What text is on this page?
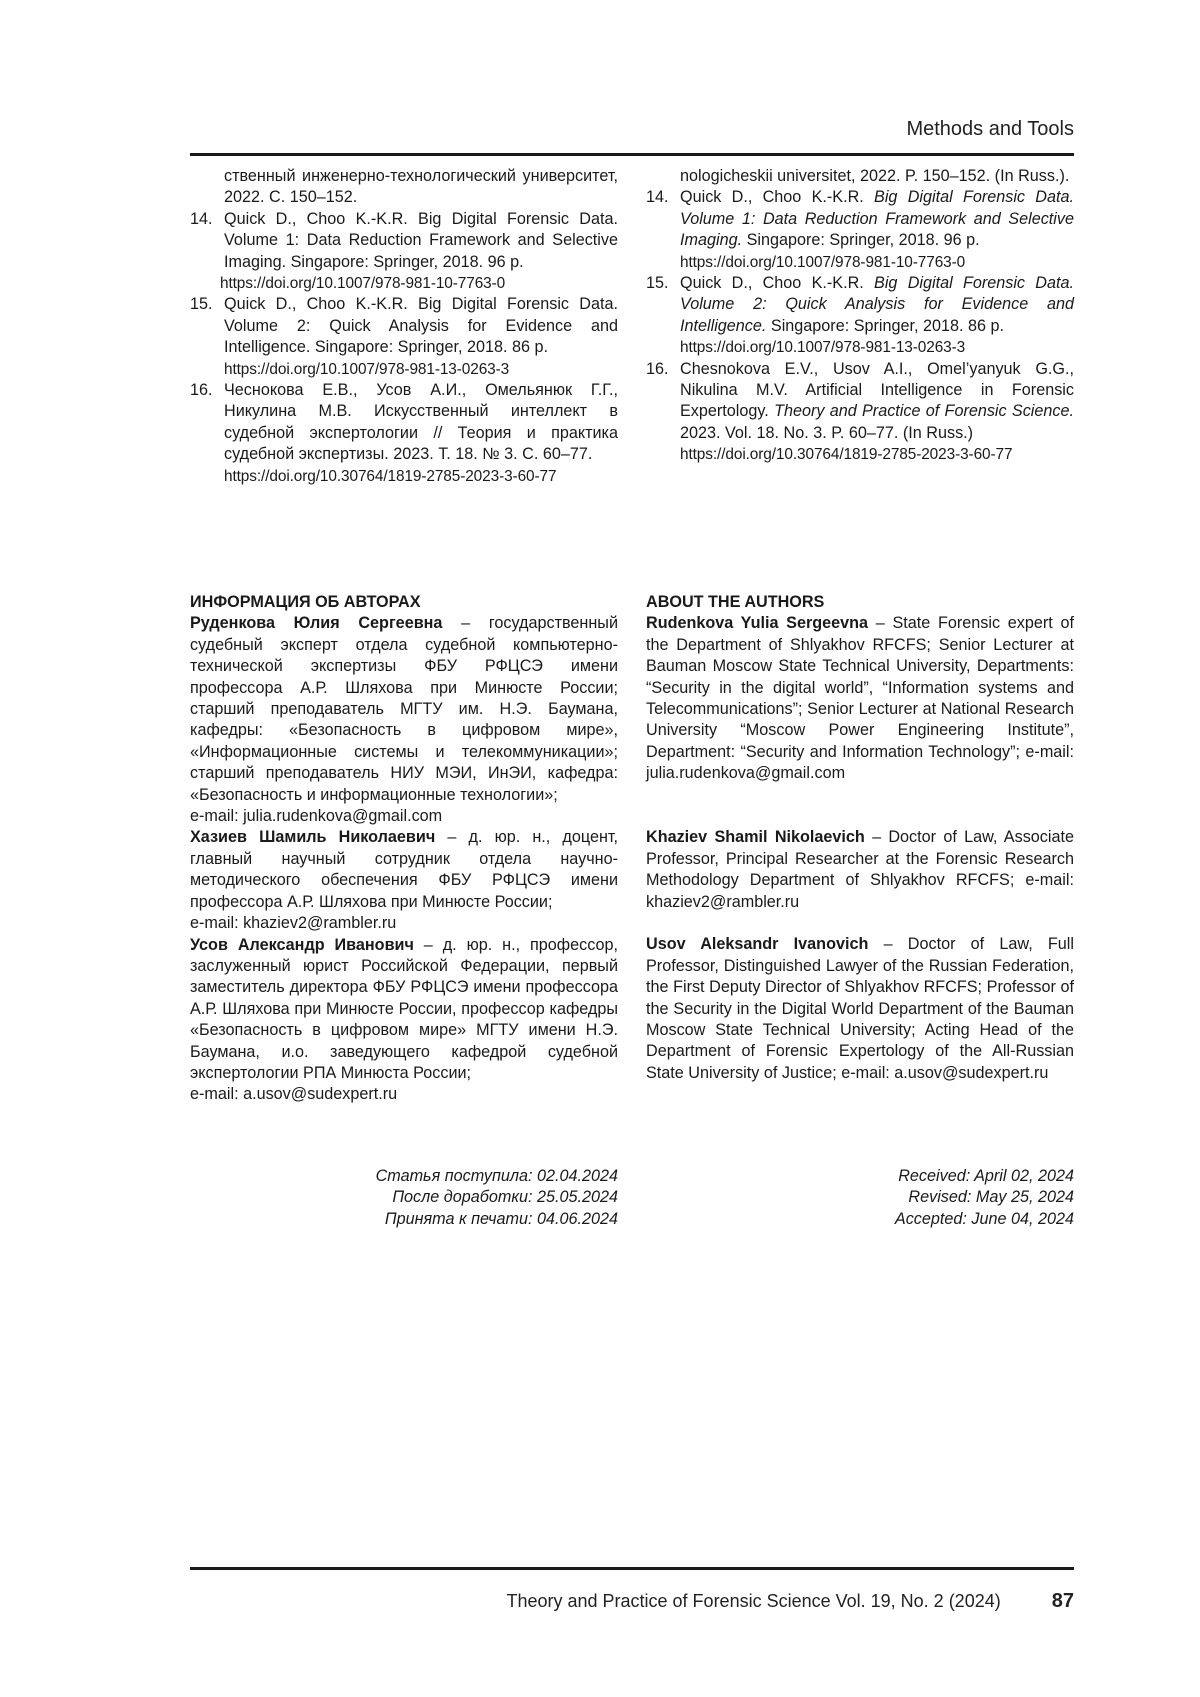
Methods and Tools
ственный инженерно-технологический университет, 2022. С. 150–152.
14. Quick D., Choo K.-K.R. Big Digital Forensic Data. Volume 1: Data Reduction Framework and Selective Imaging. Singapore: Springer, 2018. 96 p.
https://doi.org/10.1007/978-981-10-7763-0
15. Quick D., Choo K.-K.R. Big Digital Forensic Data. Volume 2: Quick Analysis for Evidence and Intelligence. Singapore: Springer, 2018. 86 p.
https://doi.org/10.1007/978-981-13-0263-3
16. Чеснокова Е.В., Усов А.И., Омельянюк Г.Г., Никулина М.В. Искусственный интеллект в судебной экспертологии // Теория и практика судебной экспертизы. 2023. Т. 18. № 3. С. 60–77.
https://doi.org/10.30764/1819-2785-2023-3-60-77
nologicheskii universitet, 2022. P. 150–152. (In Russ.).
14. Quick D., Choo K.-K.R. Big Digital Forensic Data. Volume 1: Data Reduction Framework and Selective Imaging. Singapore: Springer, 2018. 96 p.
https://doi.org/10.1007/978-981-10-7763-0
15. Quick D., Choo K.-K.R. Big Digital Forensic Data. Volume 2: Quick Analysis for Evidence and Intelligence. Singapore: Springer, 2018. 86 p.
https://doi.org/10.1007/978-981-13-0263-3
16. Chesnokova E.V., Usov A.I., Omel’yanyuk G.G., Nikulina M.V. Artificial Intelligence in Forensic Expertology. Theory and Practice of Forensic Science. 2023. Vol. 18. No. 3. P. 60–77. (In Russ.)
https://doi.org/10.30764/1819-2785-2023-3-60-77

ИНФОРМАЦИЯ ОБ АВТОРАХ

Руденкова Юлия Сергеевна – государственный судебный эксперт отдела судебной компьютерно-технической экспертизы ФБУ РФЦСЭ имени профессора А.Р. Шляхова при Минюсте России; старший преподаватель МГТУ им. Н.Э. Баумана, кафедры: «Безопасность в цифровом мире», «Информационные системы и телекоммуникации»; старший преподаватель НИУ МЭИ, ИнЭИ, кафедра: «Безопасность и информационные технологии»;

e-mail: julia.rudenkova@gmail.com

Хазиев Шамиль Николаевич – д. юр. н., доцент, главный научный сотрудник отдела научно-методического обеспечения ФБУ РФЦСЭ имени профессора А.Р. Шляхова при Минюсте России;

e-mail: khaziev2@rambler.ru

Усов Александр Иванович – д. юр. н., профессор, заслуженный юрист Российской Федерации, первый заместитель директора ФБУ РФЦСЭ имени профессора А.Р. Шляхова при Минюсте России, профессор кафедры «Безопасность в цифровом мире» МГТУ имени Н.Э. Баумана, и.о. заведующего кафедрой судебной экспертологии РПА Минюста России;

e-mail: a.usov@sudexpert.ru

ABOUT THE AUTHORS

Rudenkova Yulia Sergeevna – State Forensic expert of the Department of Shlyakhov RFCFS; Senior Lecturer at Bauman Moscow State Technical University, Departments: “Security in the digital world”, “Information systems and Telecommunications”; Senior Lecturer at National Research University “Moscow Power Engineering Institute”, Department: “Security and Information Technology”; e-mail: julia.rudenkova@gmail.com

Khaziev Shamil Nikolaevich – Doctor of Law, Associate Professor, Principal Researcher at the Forensic Research Methodology Department of Shlyakhov RFCFS; e-mail: khaziev2@rambler.ru

Usov Aleksandr Ivanovich – Doctor of Law, Full Professor, Distinguished Lawyer of the Russian Federation, the First Deputy Director of Shlyakhov RFCFS; Professor of the Security in the Digital World Department of the Bauman Moscow State Technical University; Acting Head of the Department of Forensic Expertology of the All-Russian State University of Justice; e-mail: a.usov@sudexpert.ru

Статья поступила: 02.04.2024
После доработки: 25.05.2024
Принята к печати: 04.06.2024
Received: April 02, 2024
Revised: May 25, 2024
Accepted: June 04, 2024
Theory and Practice of Forensic Science Vol. 19, No. 2 (2024)	87
